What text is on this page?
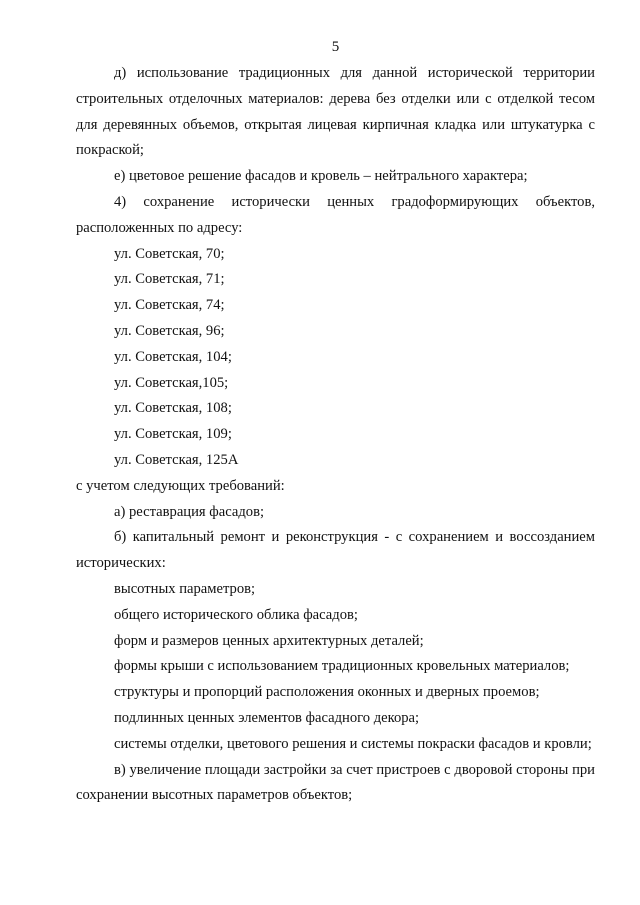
5

д) использование традиционных для данной исторической территории строительных отделочных материалов: дерева без отделки или с отделкой тесом для деревянных объемов, открытая лицевая кирпичная кладка или штукатурка с покраской;

е) цветовое решение фасадов и кровель – нейтрального характера;

4) сохранение исторически ценных градоформирующих объектов, расположенных по адресу:

ул. Советская, 70;

ул. Советская, 71;

ул. Советская, 74;

ул. Советская, 96;

ул. Советская, 104;

ул. Советская,105;

ул. Советская, 108;

ул. Советская, 109;

ул. Советская, 125А

с учетом следующих требований:

а) реставрация фасадов;

б) капитальный ремонт и реконструкция - с сохранением и воссозданием исторических:

высотных параметров;

общего исторического облика фасадов;

форм и размеров ценных архитектурных деталей;

формы крыши с использованием традиционных кровельных материалов;

структуры и пропорций расположения оконных и дверных проемов;

подлинных ценных элементов фасадного декора;

системы отделки, цветового решения и системы покраски фасадов и кровли;

в) увеличение площади застройки за счет пристроев с дворовой стороны при сохранении высотных параметров объектов;
